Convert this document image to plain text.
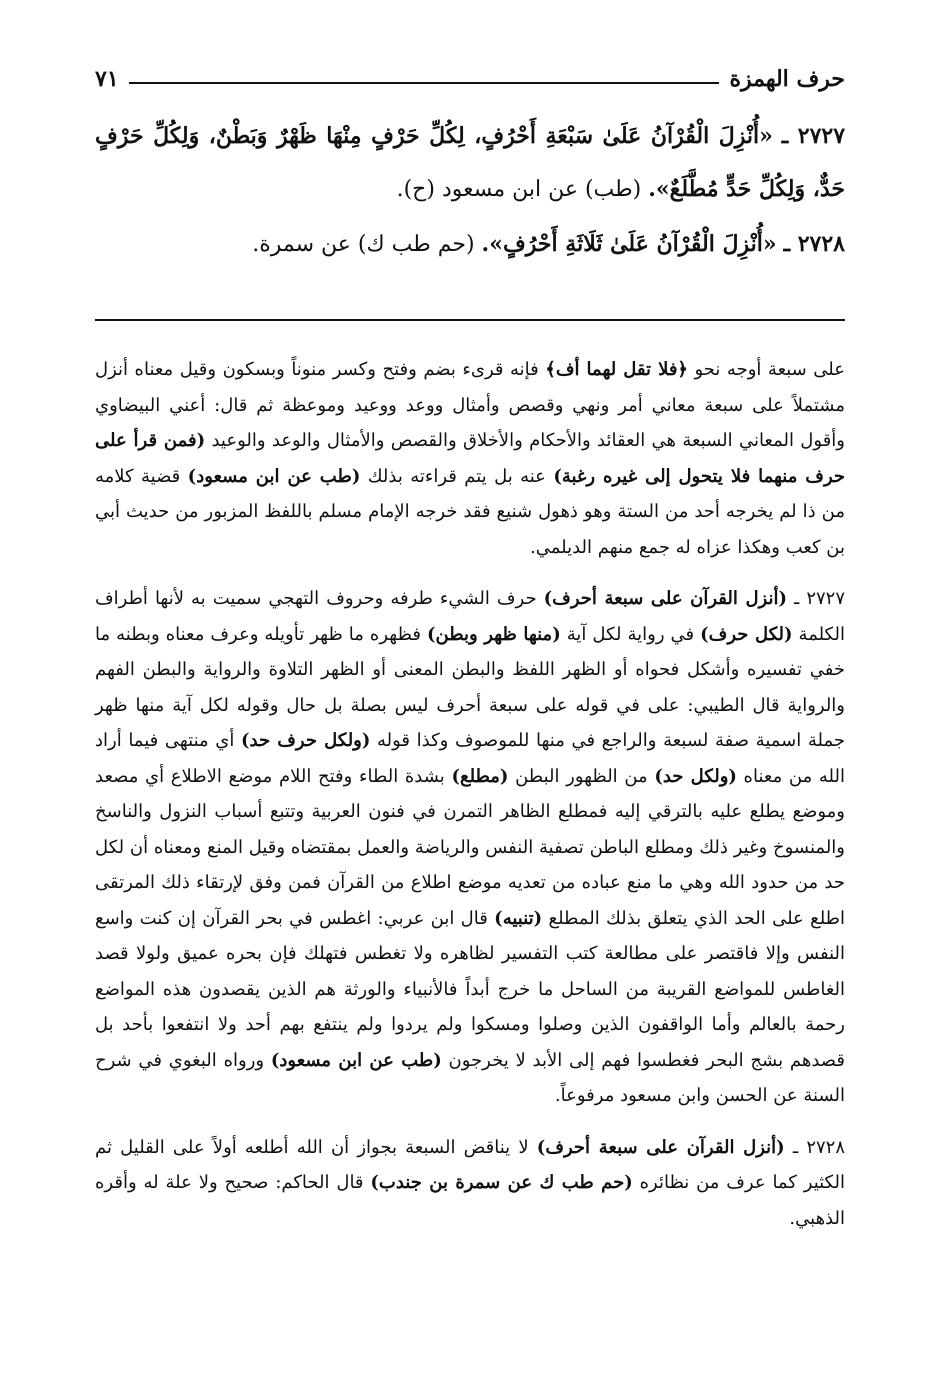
حرف الهمزة
٧١
٢٧٢٧ ـ «أُنْزِلَ الْقُرْآنُ عَلَىٰ سَبْعَةِ أَحْرُفٍ، لِكُلِّ حَرْفٍ مِنْهَا ظَهْرٌ وَبَطْنٌ، وَلِكُلِّ حَرْفٍ حَدٌّ، وَلِكُلِّ حَدٍّ مُطَّلَعٌ». (طب) عن ابن مسعود (ح).
٢٧٢٨ ـ «أُنْزِلَ الْقُرْآنُ عَلَىٰ ثَلَاثَةِ أَحْرُفٍ». (حم طب ك) عن سمرة.

على سبعة أوجه نحو ﴿فلا تقل لهما أف﴾ فإنه قرىء بضم وفتح وكسر منوناً وبسكون وقيل معناه أنزل مشتملاً على سبعة معاني أمر ونهي وقصص وأمثال ووعد ووعيد وموعظة ثم قال: أعني البيضاوي وأقول المعاني السبعة هي العقائد والأحكام والأخلاق والقصص والأمثال والوعد والوعيد (فمن قرأ على حرف منهما فلا يتحول إلى غيره رغبة) عنه بل يتم قراءته بذلك (طب عن ابن مسعود) قضية كلامه من ذا لم يخرجه أحد من الستة وهو ذهول شنيع فقد خرجه الإمام مسلم باللفظ المزبور من حديث أبي بن كعب وهكذا عزاه له جمع منهم الديلمي.

٢٧٢٧ ـ (أنزل القرآن على سبعة أحرف) حرف الشيء طرفه وحروف التهجي سميت به لأنها أطراف الكلمة (لكل حرف) في رواية لكل آية (منها ظهر وبطن) فظهره ما ظهر تأويله وعرف معناه وبطنه ما خفي تفسيره وأشكل فحواه أو الظهر اللفظ والبطن المعنى أو الظهر التلاوة والرواية والبطن الفهم والرواية قال الطيبي: على في قوله على سبعة أحرف ليس بصلة بل حال وقوله لكل آية منها ظهر جملة اسمية صفة لسبعة والراجع في منها للموصوف وكذا قوله (ولكل حرف حد) أي منتهى فيما أراد الله من معناه (ولكل حد) من الظهور البطن (مطلع) بشدة الطاء وفتح اللام موضع الاطلاع أي مصعد وموضع يطلع عليه بالترقي إليه فمطلع الظاهر التمرن في فنون العربية وتتبع أسباب النزول والناسخ والمنسوخ وغير ذلك ومطلع الباطن تصفية النفس والرياضة والعمل بمقتضاه وقيل المنع ومعناه أن لكل حد من حدود الله وهي ما منع عباده من تعديه موضع اطلاع من القرآن فمن وفق لإرتقاء ذلك المرتقى اطلع على الحد الذي يتعلق بذلك المطلع (تنبيه) قال ابن عربي: اغطس في بحر القرآن إن كنت واسع النفس وإلا فاقتصر على مطالعة كتب التفسير لظاهره ولا تغطس فتهلك فإن بحره عميق ولولا قصد الغاطس للمواضع القريبة من الساحل ما خرج أبداً فالأنبياء والورثة هم الذين يقصدون هذه المواضع رحمة بالعالم وأما الواقفون الذين وصلوا ومسكوا ولم يردوا ولم ينتفع بهم أحد ولا انتفعوا بأحد بل قصدهم بشج البحر فغطسوا فهم إلى الأبد لا يخرجون (طب عن ابن مسعود) ورواه البغوي في شرح السنة عن الحسن وابن مسعود مرفوعاً.

٢٧٢٨ ـ (أنزل القرآن على سبعة أحرف) لا يناقض السبعة بجواز أن الله أطلعه أولاً على القليل ثم الكثير كما عرف من نظائره (حم طب ك عن سمرة بن جندب) قال الحاكم: صحيح ولا علة له وأقره الذهبي.
